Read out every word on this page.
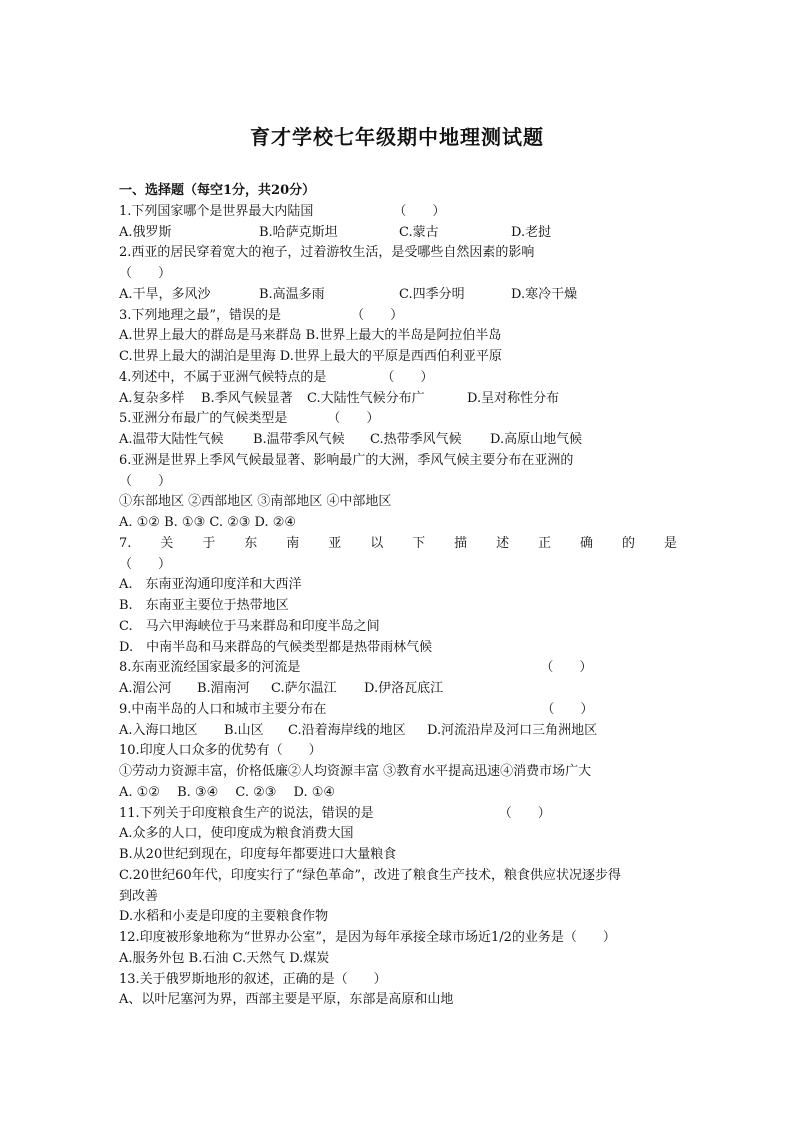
育才学校七年级期中地理测试题
一、选择题（每空1分，共20分）
1.下列国家哪个是世界最大内陆国	（　　）
A.俄罗斯	B.哈萨克斯坦	C.蒙古	D.老挝
2.西亚的居民穿着宽大的袍子，过着游牧生活，是受哪些自然因素的影响
（　　）
A.干旱，多风沙	B.高温多雨	C.四季分明	D.寒冷干燥
3.下列地理之最”，错误的是	（　　）
A.世界上最大的群岛是马来群岛 B.世界上最大的半岛是阿拉伯半岛
C.世界上最大的湖泊是里海 D.世界上最大的平原是西西伯利亚平原
4.列述中，不属于亚洲气候特点的是	（　　）
A.复杂多样	B.季风气候显著	C.大陆性气候分布广	D.呈对称性分布
5.亚洲分布最广的气候类型是	（　　）
A.温带大陆性气候	B.温带季风气候	C.热带季风气候	D.高原山地气候
6.亚洲是世界上季风气候最显著、影响最广的大洲，季风气候主要分布在亚洲的
（　　）
①东部地区 ②西部地区 ③南部地区 ④中部地区
A. ①② B. ①③ C. ②③ D. ②④
7. 关 于 东 南 亚 以 下 描 述 正 确 的 是
（　　）
A.　东南亚沟通印度洋和大西洋
B.　东南亚主要位于热带地区
C.　马六甲海峡位于马来群岛和印度半岛之间
D.　中南半岛和马来群岛的气候类型都是热带雨林气候
8.东南亚流经国家最多的河流是	（　　）
A.湄公河	B.湄南河	C.萨尔温江	D.伊洛瓦底江
9.中南半岛的人口和城市主要分布在	（　　）
A.入海口地区	B.山区	C.沿着海岸线的地区	D.河流沿岸及河口三角洲地区
10.印度人口众多的优势有（　　）
①劳动力资源丰富，价格低廉②人均资源丰富 ③教育水平提高迅速④消费市场广大
A. ①②　 B. ③④　 C. ②③　 D. ①④
11.下列关于印度粮食生产的说法，错误的是	（　　）
A.众多的人口，使印度成为粮食消费大国
B.从20世纪到现在，印度每年都要进口大量粮食
C.20世纪60年代，印度实行了“绿色革命”，改进了粮食生产技术，粮食供应状况逐步得
到改善
D.水稻和小麦是印度的主要粮食作物
12.印度被形象地称为“世界办公室”，是因为每年承接全球市场近1/2的业务是（　　）
A.服务外包 B.石油 C.天然气 D.煤炭
13.关于俄罗斯地形的叙述，正确的是（　　）
A、以叶尼塞河为界，西部主要是平原，东部是高原和山地
